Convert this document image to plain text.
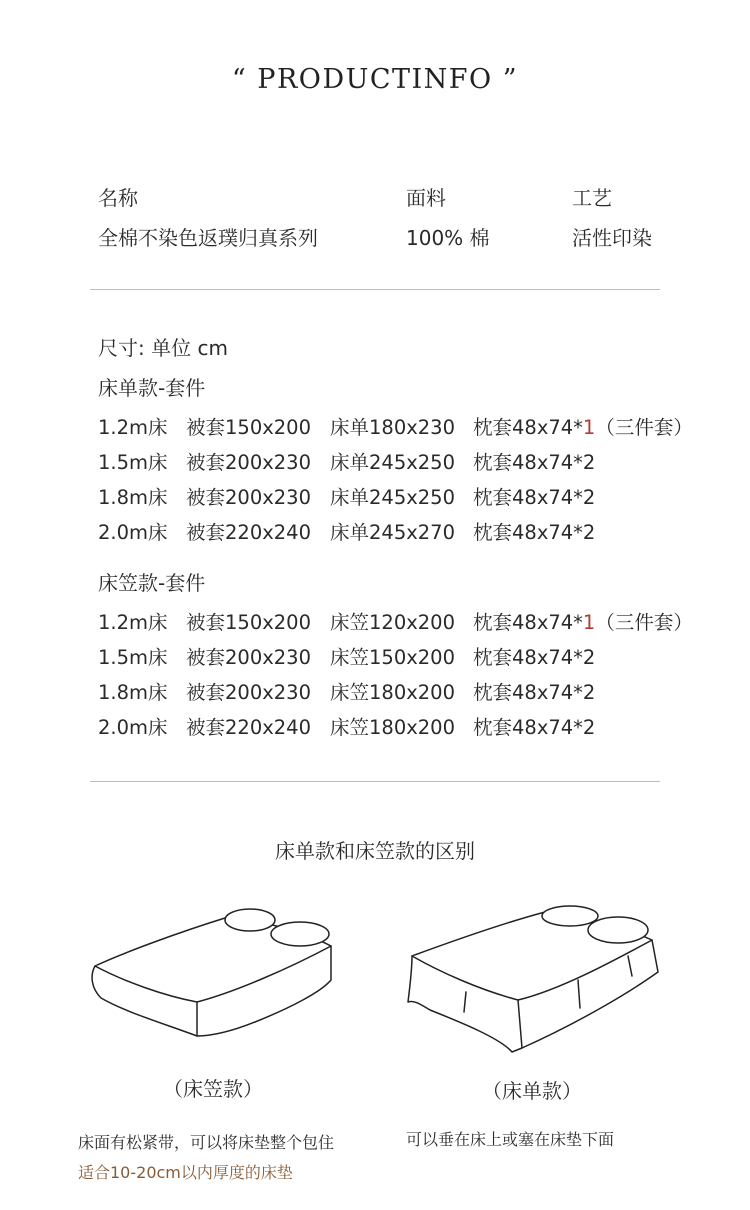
“ PRODUCTINFO ”
名称	面料	工艺
全棉不染色返璞归真系列	100% 棉	活性印染
尺寸: 单位 cm
床单款-套件
1.2m床 被套150x200 床单180x230 枕套48x74*1（三件套）
1.5m床 被套200x230 床单245x250 枕套48x74*2
1.8m床 被套200x230 床单245x250 枕套48x74*2
2.0m床 被套220x240 床单245x270 枕套48x74*2
床笠款-套件
1.2m床 被套150x200 床笠120x200 枕套48x74*1（三件套）
1.5m床 被套200x230 床笠150x200 枕套48x74*2
1.8m床 被套200x230 床笠180x200 枕套48x74*2
2.0m床 被套220x240 床笠180x200 枕套48x74*2
床单款和床笠款的区别
（床笠款）	（床单款）
床面有松紧带，可以将床垫整个包住
适合10-20cm以内厚度的床垫
可以垂在床上或塞在床垫下面
